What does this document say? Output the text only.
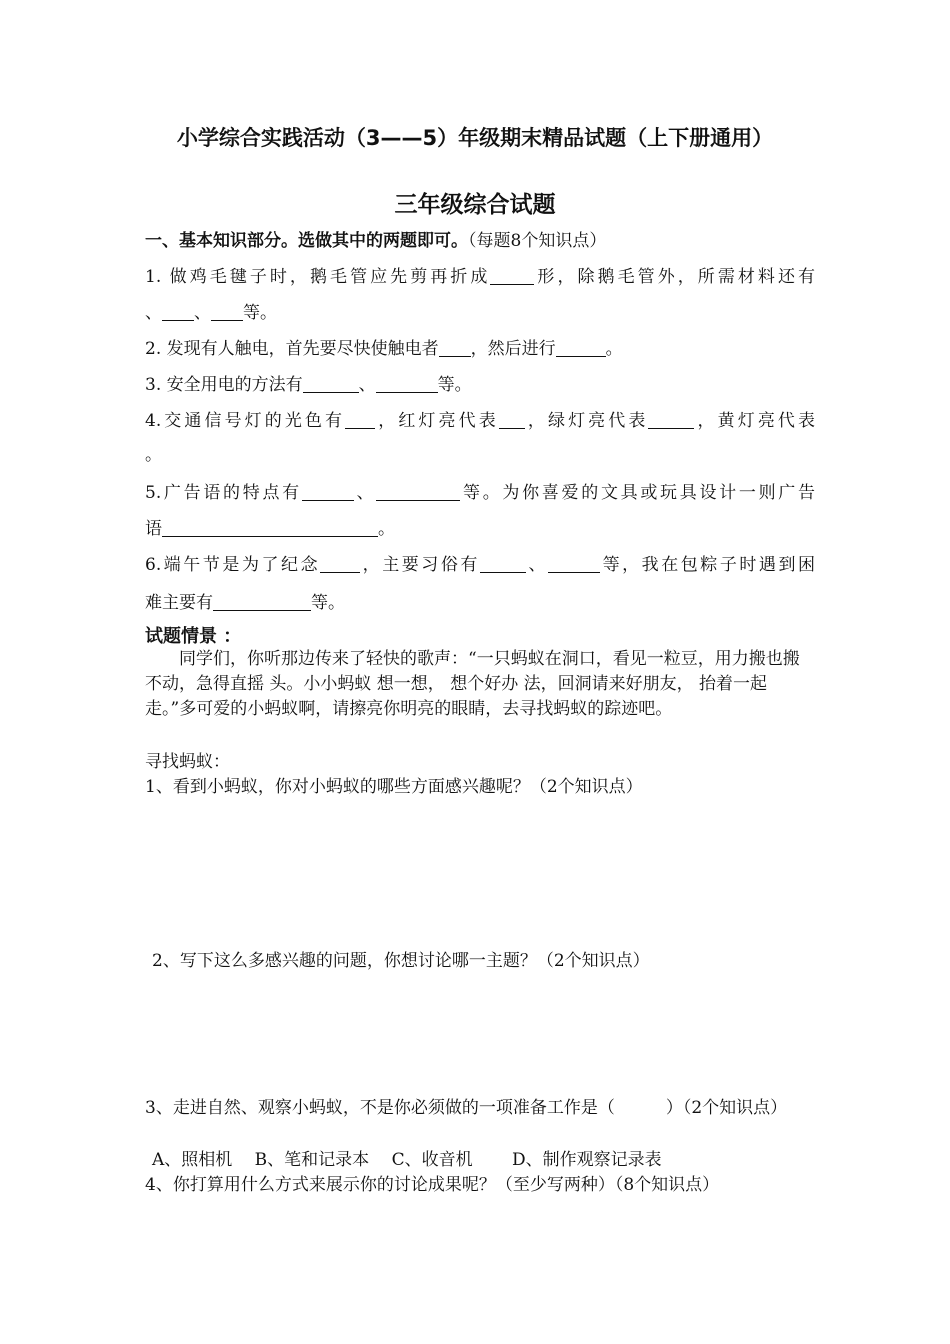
小学综合实践活动（3——5）年级期末精品试题（上下册通用）
三年级综合试题
一、基本知识部分。选做其中的两题即可。（每题8个知识点）
1. 做鸡毛毽子时，鹅毛管应先剪再折成	形，除鹅毛管外，所需材料还有
、 、 等。
2. 发现有人触电，首先要尽快使触电者 ，然后进行	。
3. 安全用电的方法有	、	等。
4.交通信号灯的光色有 ，红灯亮代表 ，绿灯亮代表	，黄灯亮代表
。
5.广告语的特点有	、	等。为你喜爱的文具或玩具设计一则广告
语	。
6.端午节是为了纪念 ，主要习俗有	、	等，我在包粽子时遇到困
难主要有	等。
试题情景 ：
同学们，你听那边传来了轻快的歌声：“一只蚂蚁在洞口，看见一粒豆，用力搬也搬不动，急得直摇 头。小小蚂蚁 想一想， 想个好办 法，回洞请来好朋友， 抬着一起走。”多可爱的小蚂蚁啊，请擦亮你明亮的眼睛，去寻找蚂蚁的踪迹吧。
寻找蚂蚁：
1、看到小蚂蚁，你对小蚂蚁的哪些方面感兴趣呢？（2个知识点）
2、写下这么多感兴趣的问题，你想讨论哪一主题？（2个知识点）
3、走进自然、观察小蚂蚁，不是你必须做的一项准备工作是（　　　）（2个知识点）
A、照相机　 B、笔和记录本　 C、收音机　　 D、制作观察记录表
4、你打算用什么方式来展示你的讨论成果呢？（至少写两种）（8个知识点）
